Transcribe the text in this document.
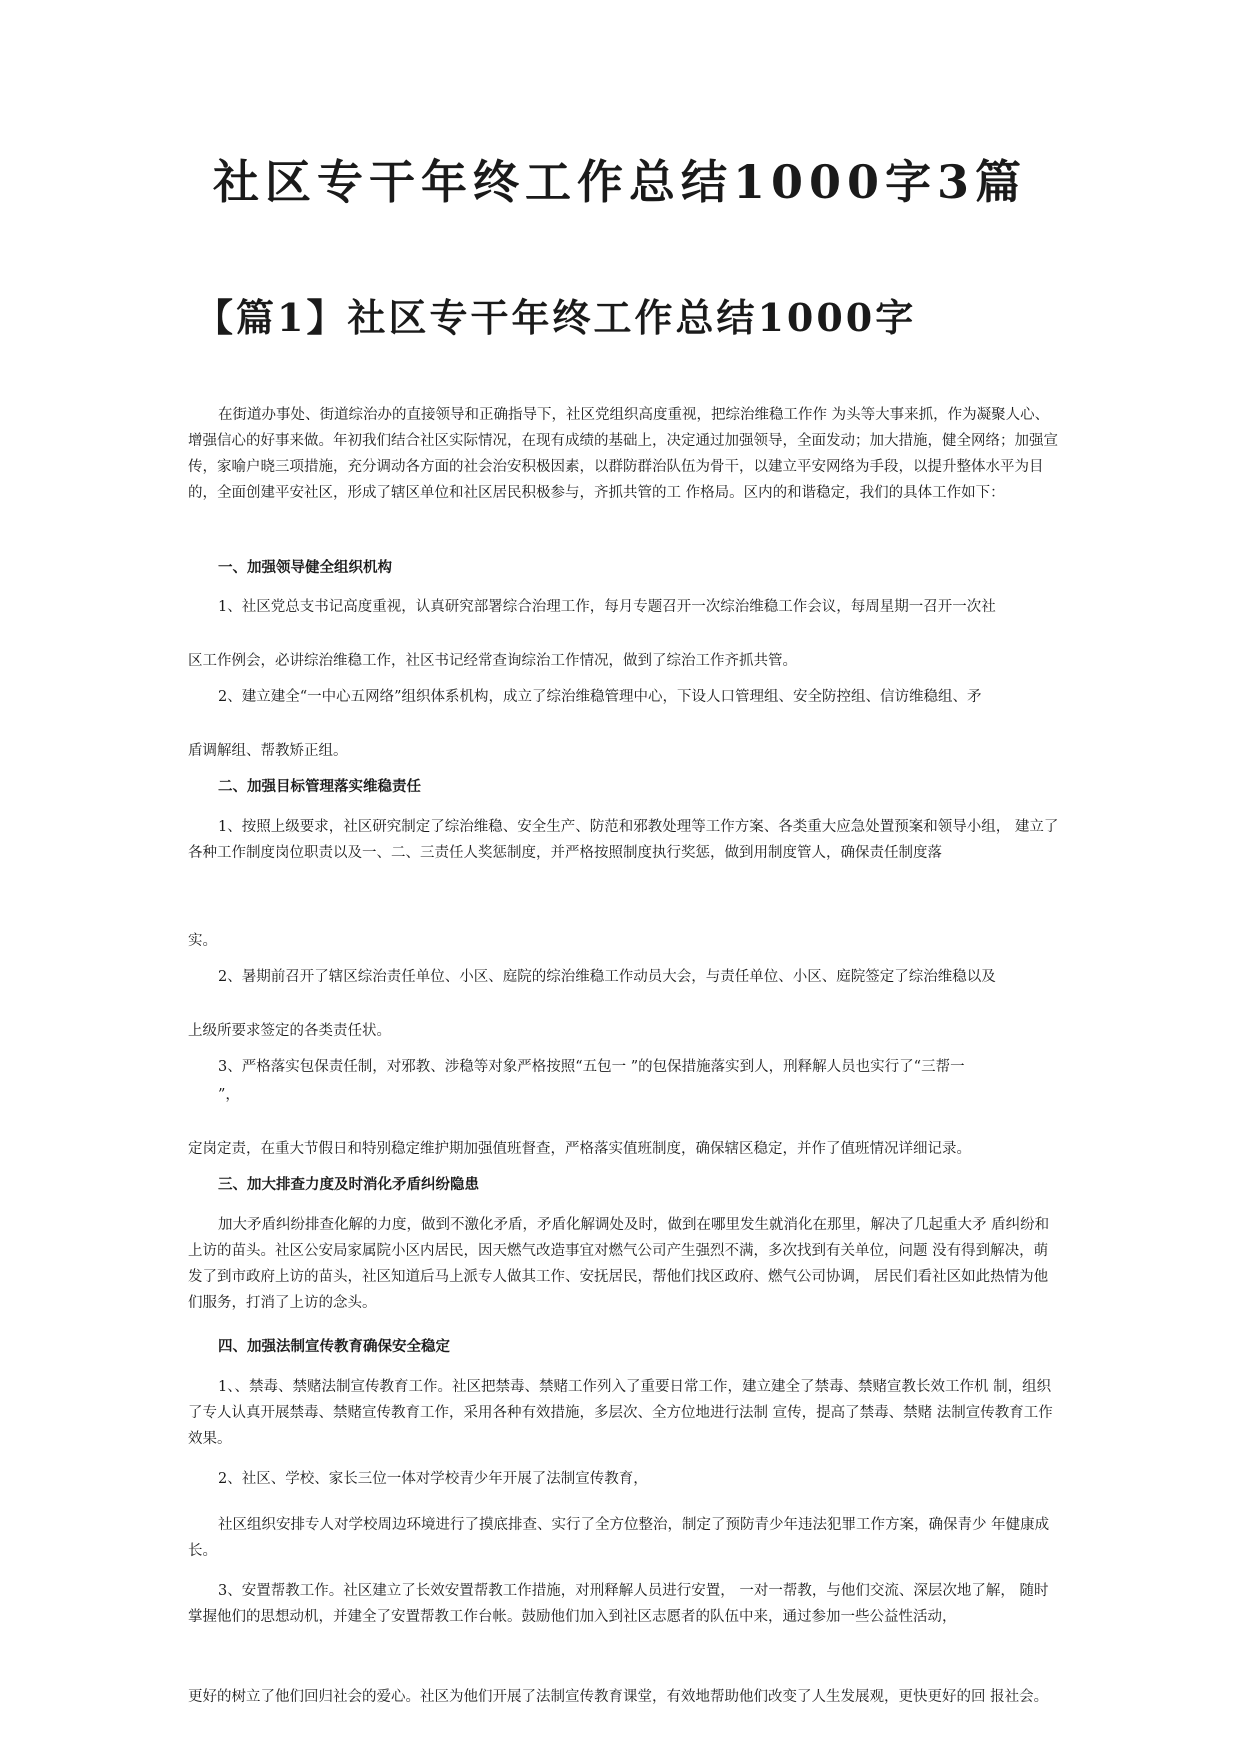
社区专干年终工作总结1000字3篇
【篇1】社区专干年终工作总结1000字

在街道办事处、街道综治办的直接领导和正确指导下，社区党组织高度重视，把综治维稳工作作 为头等大事来抓，作为凝聚人心、增强信心的好事来做。年初我们结合社区实际情况，在现有成绩的基础上，决定通过加强领导，全面发动；加大措施，健全网络；加强宣传，家喻户晓三项措施，充分调动各方面的社会治安积极因素，以群防群治队伍为骨干，以建立平安网络为手段，以提升整体水平为目的，全面创建平安社区，形成了辖区单位和社区居民积极参与，齐抓共管的工 作格局。区内的和谐稳定，我们的具体工作如下：

一、加强领导健全组织机构

1、社区党总支书记高度重视，认真研究部署综合治理工作，每月专题召开一次综治维稳工作会议，每周星期一召开一次社

区工作例会，必讲综治维稳工作，社区书记经常查询综治工作情况，做到了综治工作齐抓共管。

2、建立建全“一中心五网络”组织体系机构，成立了综治维稳管理中心，下设人口管理组、安全防控组、信访维稳组、矛

盾调解组、帮教矫正组。

二、加强目标管理落实维稳责任

1、按照上级要求，社区研究制定了综治维稳、安全生产、防范和邪教处理等工作方案、各类重大应急处置预案和领导小组， 建立了各种工作制度岗位职责以及一、二、三责任人奖惩制度，并严格按照制度执行奖惩，做到用制度管人，确保责任制度落

实。

2、暑期前召开了辖区综治责任单位、小区、庭院的综治维稳工作动员大会，与责任单位、小区、庭院签定了综治维稳以及

上级所要求签定的各类责任状。

3、严格落实包保责任制，对邪教、涉稳等对象严格按照“五包一 ”的包保措施落实到人，刑释解人员也实行了“三帮一

”，

定岗定责，在重大节假日和特别稳定维护期加强值班督查，严格落实值班制度，确保辖区稳定，并作了值班情况详细记录。

三、加大排查力度及时消化矛盾纠纷隐患

加大矛盾纠纷排查化解的力度，做到不激化矛盾，矛盾化解调处及时，做到在哪里发生就消化在那里，解决了几起重大矛 盾纠纷和上访的苗头。社区公安局家属院小区内居民，因天燃气改造事宜对燃气公司产生强烈不满，多次找到有关单位，问题 没有得到解决，萌发了到市政府上访的苗头，社区知道后马上派专人做其工作、安抚居民，帮他们找区政府、燃气公司协调， 居民们看社区如此热情为他们服务，打消了上访的念头。

四、加强法制宣传教育确保安全稳定

1、、禁毒、禁赌法制宣传教育工作。社区把禁毒、禁赌工作列入了重要日常工作，建立建全了禁毒、禁赌宣教长效工作机 制，组织了专人认真开展禁毒、禁赌宣传教育工作，采用各种有效措施，多层次、全方位地进行法制 宣传，提高了禁毒、禁赌 法制宣传教育工作效果。

2、社区、学校、家长三位一体对学校青少年开展了法制宣传教育，

社区组织安排专人对学校周边环境进行了摸底排查、实行了全方位整治，制定了预防青少年违法犯罪工作方案，确保青少 年健康成长。

3、安置帮教工作。社区建立了长效安置帮教工作措施，对刑释解人员进行安置， 一对一帮教，与他们交流、深层次地了解， 随时掌握他们的思想动机，并建全了安置帮教工作台帐。鼓励他们加入到社区志愿者的队伍中来，通过参加一些公益性活动，

更好的树立了他们回归社会的爱心。社区为他们开展了法制宣传教育课堂，有效地帮助他们改变了人生发展观，更快更好的回 报社会。
